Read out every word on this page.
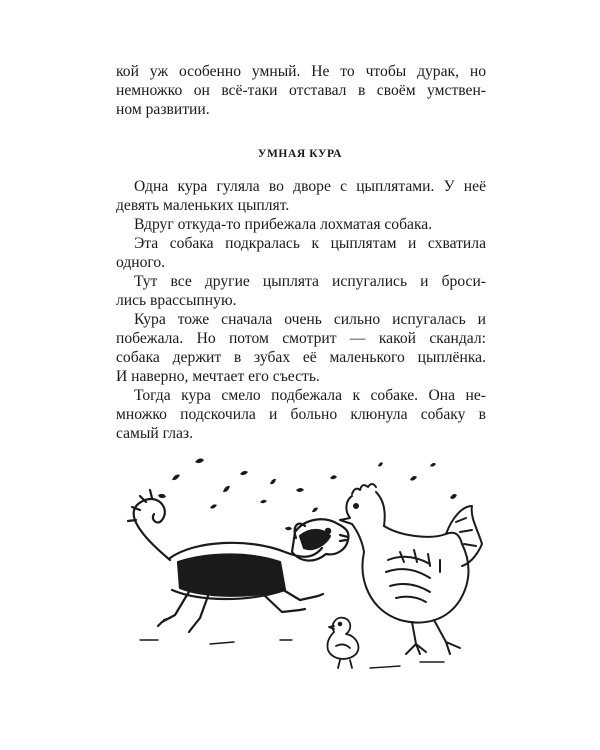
кой уж особенно умный. Не то чтобы дурак, но
немножко он всё-таки отставал в своём умствен-
ном развитии.
УМНАЯ КУРА
Одна кура гуляла во дворе с цыплятами. У неё
девять маленьких цыплят.
Вдруг откуда-то прибежала лохматая собака.
Эта собака подкралась к цыплятам и схватила
одного.
Тут все другие цыплята испугались и броси-
лись врассыпную.
Кура тоже сначала очень сильно испугалась и
побежала. Но потом смотрит — какой скандал:
собака держит в зубах её маленького цыплёнка.
И наверно, мечтает его съесть.
Тогда кура смело подбежала к собаке. Она не-
множко подскочила и больно клюнула собаку в
самый глаз.
